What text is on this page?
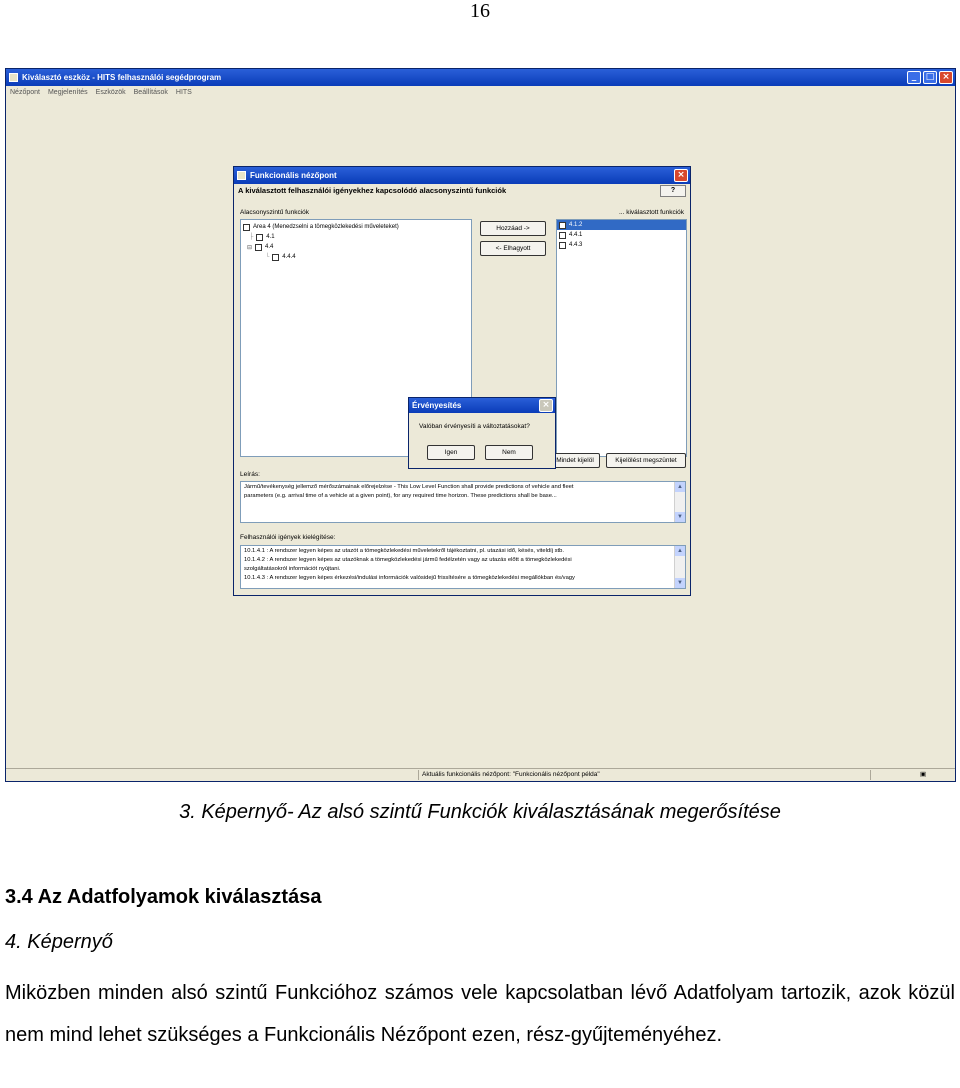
16
Kiválasztó eszköz - HITS felhasználói segédprogram	_	□ ×
Nézőpont Megjelenítés Eszközök Beállítások HITS
Aktuális funkcionális nézőpont: "Funkcionális nézőpont példa"	▣
Funkcionális nézőpont	×
A kiválasztott felhasználói igényekhez kapcsolódó alacsonyszintű funkciók	?
Alacsonyszintű funkciók	... kiválasztott funkciók
Area 4 (Menedzselni a tömegközlekedési műveleteket)
├ 4.1
⊟ 4.4
└ 4.4.4
Hozzáad ->
<- Elhagyott
4.1.2
4.4.1
4.4.3
Mindet kijelöl	Kijelölést megszüntet
Leírás:
Jármű/tevékenység jellemző mérőszámainak előrejelzése - This Low Level Function shall provide predictions of vehicle and fleet
parameters (e.g. arrival time of a vehicle at a given point), for any required time horizon. These predictions shall be base...
▲
▼
Felhasználói igények kielégítése:
10.1.4.1 : A rendszer legyen képes az utazót a tömegközlekedési műveletekről tájékoztatni, pl. utazási idő, késés, viteldíj stb.
10.1.4.2 : A rendszer legyen képes az utazóknak a tömegközlekedési jármű fedélzetén vagy az utazás előtt a tömegközlekedési
szolgáltatásokról információt nyújtani.
10.1.4.3 : A rendszer legyen képes érkezési/indulási információk valósidejű frissítésére a tömegközlekedési megállókban és/vagy
▲
▼
Érvényesítés	×
Valóban érvényesíti a változtatásokat?
Igen	Nem
3. Képernyő- Az alsó szintű Funkciók kiválasztásának megerősítése
3.4 Az Adatfolyamok kiválasztása
4. Képernyő
Miközben minden alsó szintű Funkcióhoz számos vele kapcsolatban lévő Adatfolyam tartozik, azok közül nem mind lehet szükséges a Funkcionális Nézőpont ezen, rész-gyűjteményéhez.
